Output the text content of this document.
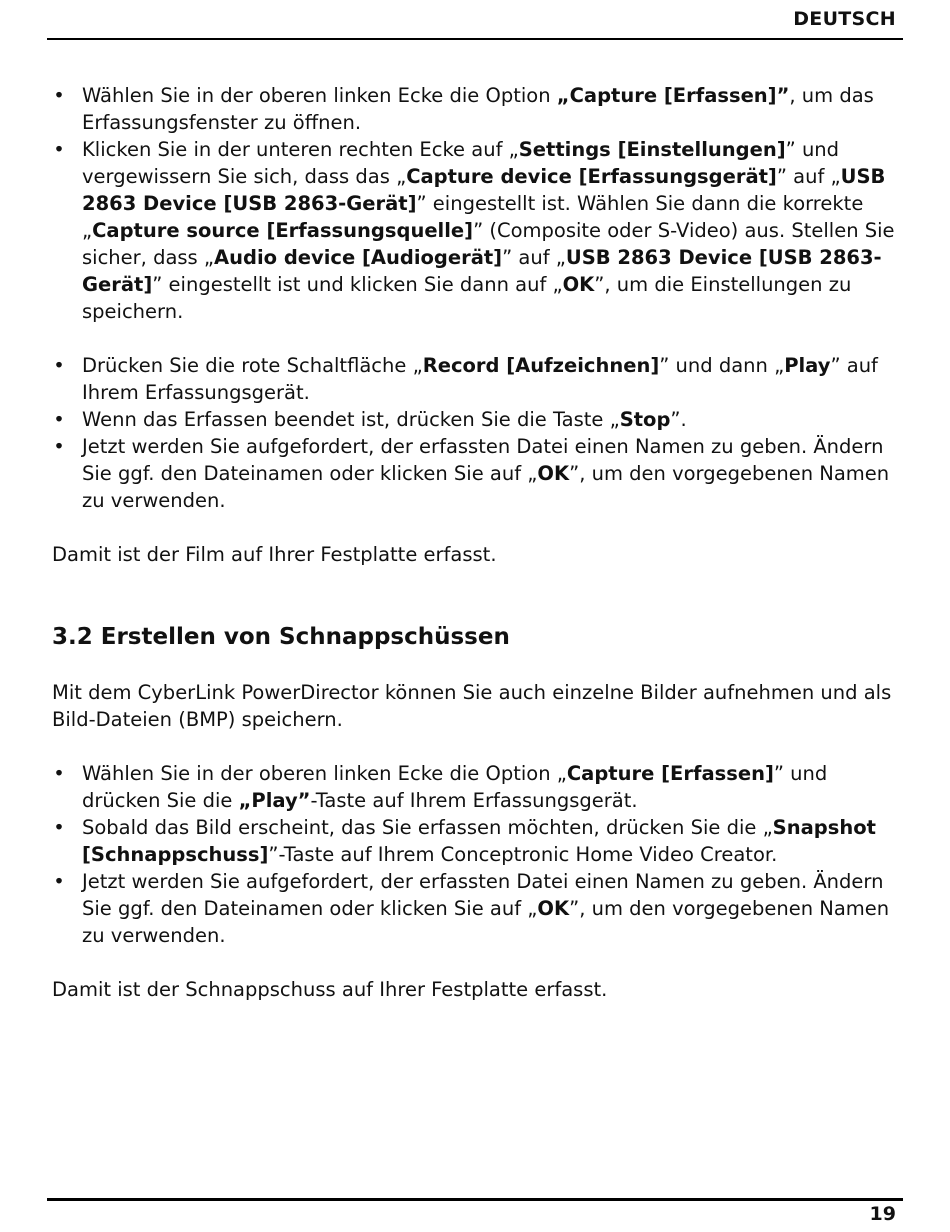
DEUTSCH
• Wählen Sie in der oberen linken Ecke die Option „Capture [Erfassen]”, um das Erfassungsfenster zu öffnen.
• Klicken Sie in der unteren rechten Ecke auf „Settings [Einstellungen]” und vergewissern Sie sich, dass das „Capture device [Erfassungsgerät]” auf „USB 2863 Device [USB 2863-Gerät]” eingestellt ist. Wählen Sie dann die korrekte „Capture source [Erfassungsquelle]” (Composite oder S-Video) aus. Stellen Sie sicher, dass „Audio device [Audiogerät]” auf „USB 2863 Device [USB 2863-Gerät]” eingestellt ist und klicken Sie dann auf „OK”, um die Einstellungen zu speichern.
• Drücken Sie die rote Schaltfläche „Record [Aufzeichnen]” und dann „Play” auf Ihrem Erfassungsgerät.
• Wenn das Erfassen beendet ist, drücken Sie die Taste „Stop”.
• Jetzt werden Sie aufgefordert, der erfassten Datei einen Namen zu geben. Ändern Sie ggf. den Dateinamen oder klicken Sie auf „OK”, um den vorgegebenen Namen zu verwenden.

Damit ist der Film auf Ihrer Festplatte erfasst.

3.2 Erstellen von Schnappschüssen

Mit dem CyberLink PowerDirector können Sie auch einzelne Bilder aufnehmen und als Bild-Dateien (BMP) speichern.

• Wählen Sie in der oberen linken Ecke die Option „Capture [Erfassen]” und drücken Sie die „Play”-Taste auf Ihrem Erfassungsgerät.
• Sobald das Bild erscheint, das Sie erfassen möchten, drücken Sie die „Snapshot [Schnappschuss]”-Taste auf Ihrem Conceptronic Home Video Creator.
• Jetzt werden Sie aufgefordert, der erfassten Datei einen Namen zu geben. Ändern Sie ggf. den Dateinamen oder klicken Sie auf „OK”, um den vorgegebenen Namen zu verwenden.

Damit ist der Schnappschuss auf Ihrer Festplatte erfasst.

19
